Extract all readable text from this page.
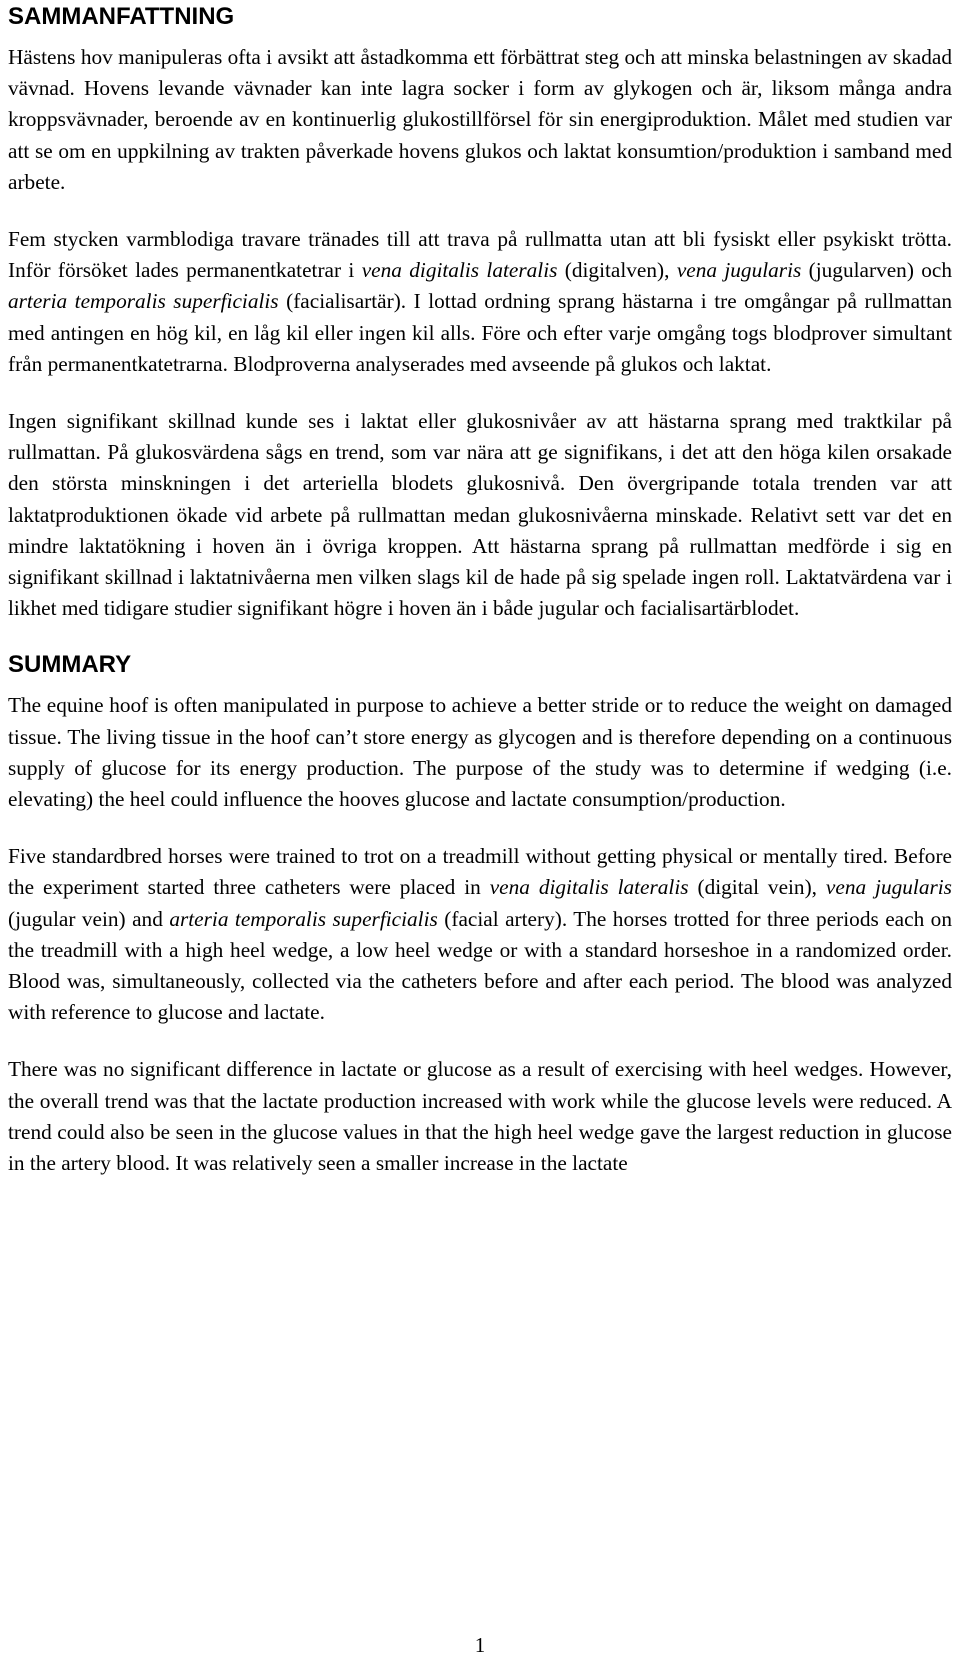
SAMMANFATTNING

Hästens hov manipuleras ofta i avsikt att åstadkomma ett förbättrat steg och att minska belastningen av skadad vävnad. Hovens levande vävnader kan inte lagra socker i form av glykogen och är, liksom många andra kroppsvävnader, beroende av en kontinuerlig glukostillförsel för sin energiproduktion. Målet med studien var att se om en uppkilning av trakten påverkade hovens glukos och laktat konsumtion/produktion i samband med arbete.

Fem stycken varmblodiga travare tränades till att trava på rullmatta utan att bli fysiskt eller psykiskt trötta. Inför försöket lades permanentkatetrar i vena digitalis lateralis (digitalven), vena jugularis (jugularven) och arteria temporalis superficialis (facialisartär). I lottad ordning sprang hästarna i tre omgångar på rullmattan med antingen en hög kil, en låg kil eller ingen kil alls. Före och efter varje omgång togs blodprover simultant från permanentkatetrarna. Blodproverna analyserades med avseende på glukos och laktat.

Ingen signifikant skillnad kunde ses i laktat eller glukosnivåer av att hästarna sprang med traktkilar på rullmattan. På glukosvärdena sågs en trend, som var nära att ge signifikans, i det att den höga kilen orsakade den största minskningen i det arteriella blodets glukosnivå. Den övergripande totala trenden var att laktatproduktionen ökade vid arbete på rullmattan medan glukosnivåerna minskade. Relativt sett var det en mindre laktatökning i hoven än i övriga kroppen. Att hästarna sprang på rullmattan medförde i sig en signifikant skillnad i laktatnivåerna men vilken slags kil de hade på sig spelade ingen roll. Laktatvärdena var i likhet med tidigare studier signifikant högre i hoven än i både jugular och facialisartärblodet.

SUMMARY

The equine hoof is often manipulated in purpose to achieve a better stride or to reduce the weight on damaged tissue. The living tissue in the hoof can’t store energy as glycogen and is therefore depending on a continuous supply of glucose for its energy production. The purpose of the study was to determine if wedging (i.e. elevating) the heel could influence the hooves glucose and lactate consumption/production.

Five standardbred horses were trained to trot on a treadmill without getting physical or mentally tired. Before the experiment started three catheters were placed in vena digitalis lateralis (digital vein), vena jugularis (jugular vein) and arteria temporalis superficialis (facial artery). The horses trotted for three periods each on the treadmill with a high heel wedge, a low heel wedge or with a standard horseshoe in a randomized order. Blood was, simultaneously, collected via the catheters before and after each period. The blood was analyzed with reference to glucose and lactate.

There was no significant difference in lactate or glucose as a result of exercising with heel wedges. However, the overall trend was that the lactate production increased with work while the glucose levels were reduced. A trend could also be seen in the glucose values in that the high heel wedge gave the largest reduction in glucose in the artery blood. It was relatively seen a smaller increase in the lactate

1
